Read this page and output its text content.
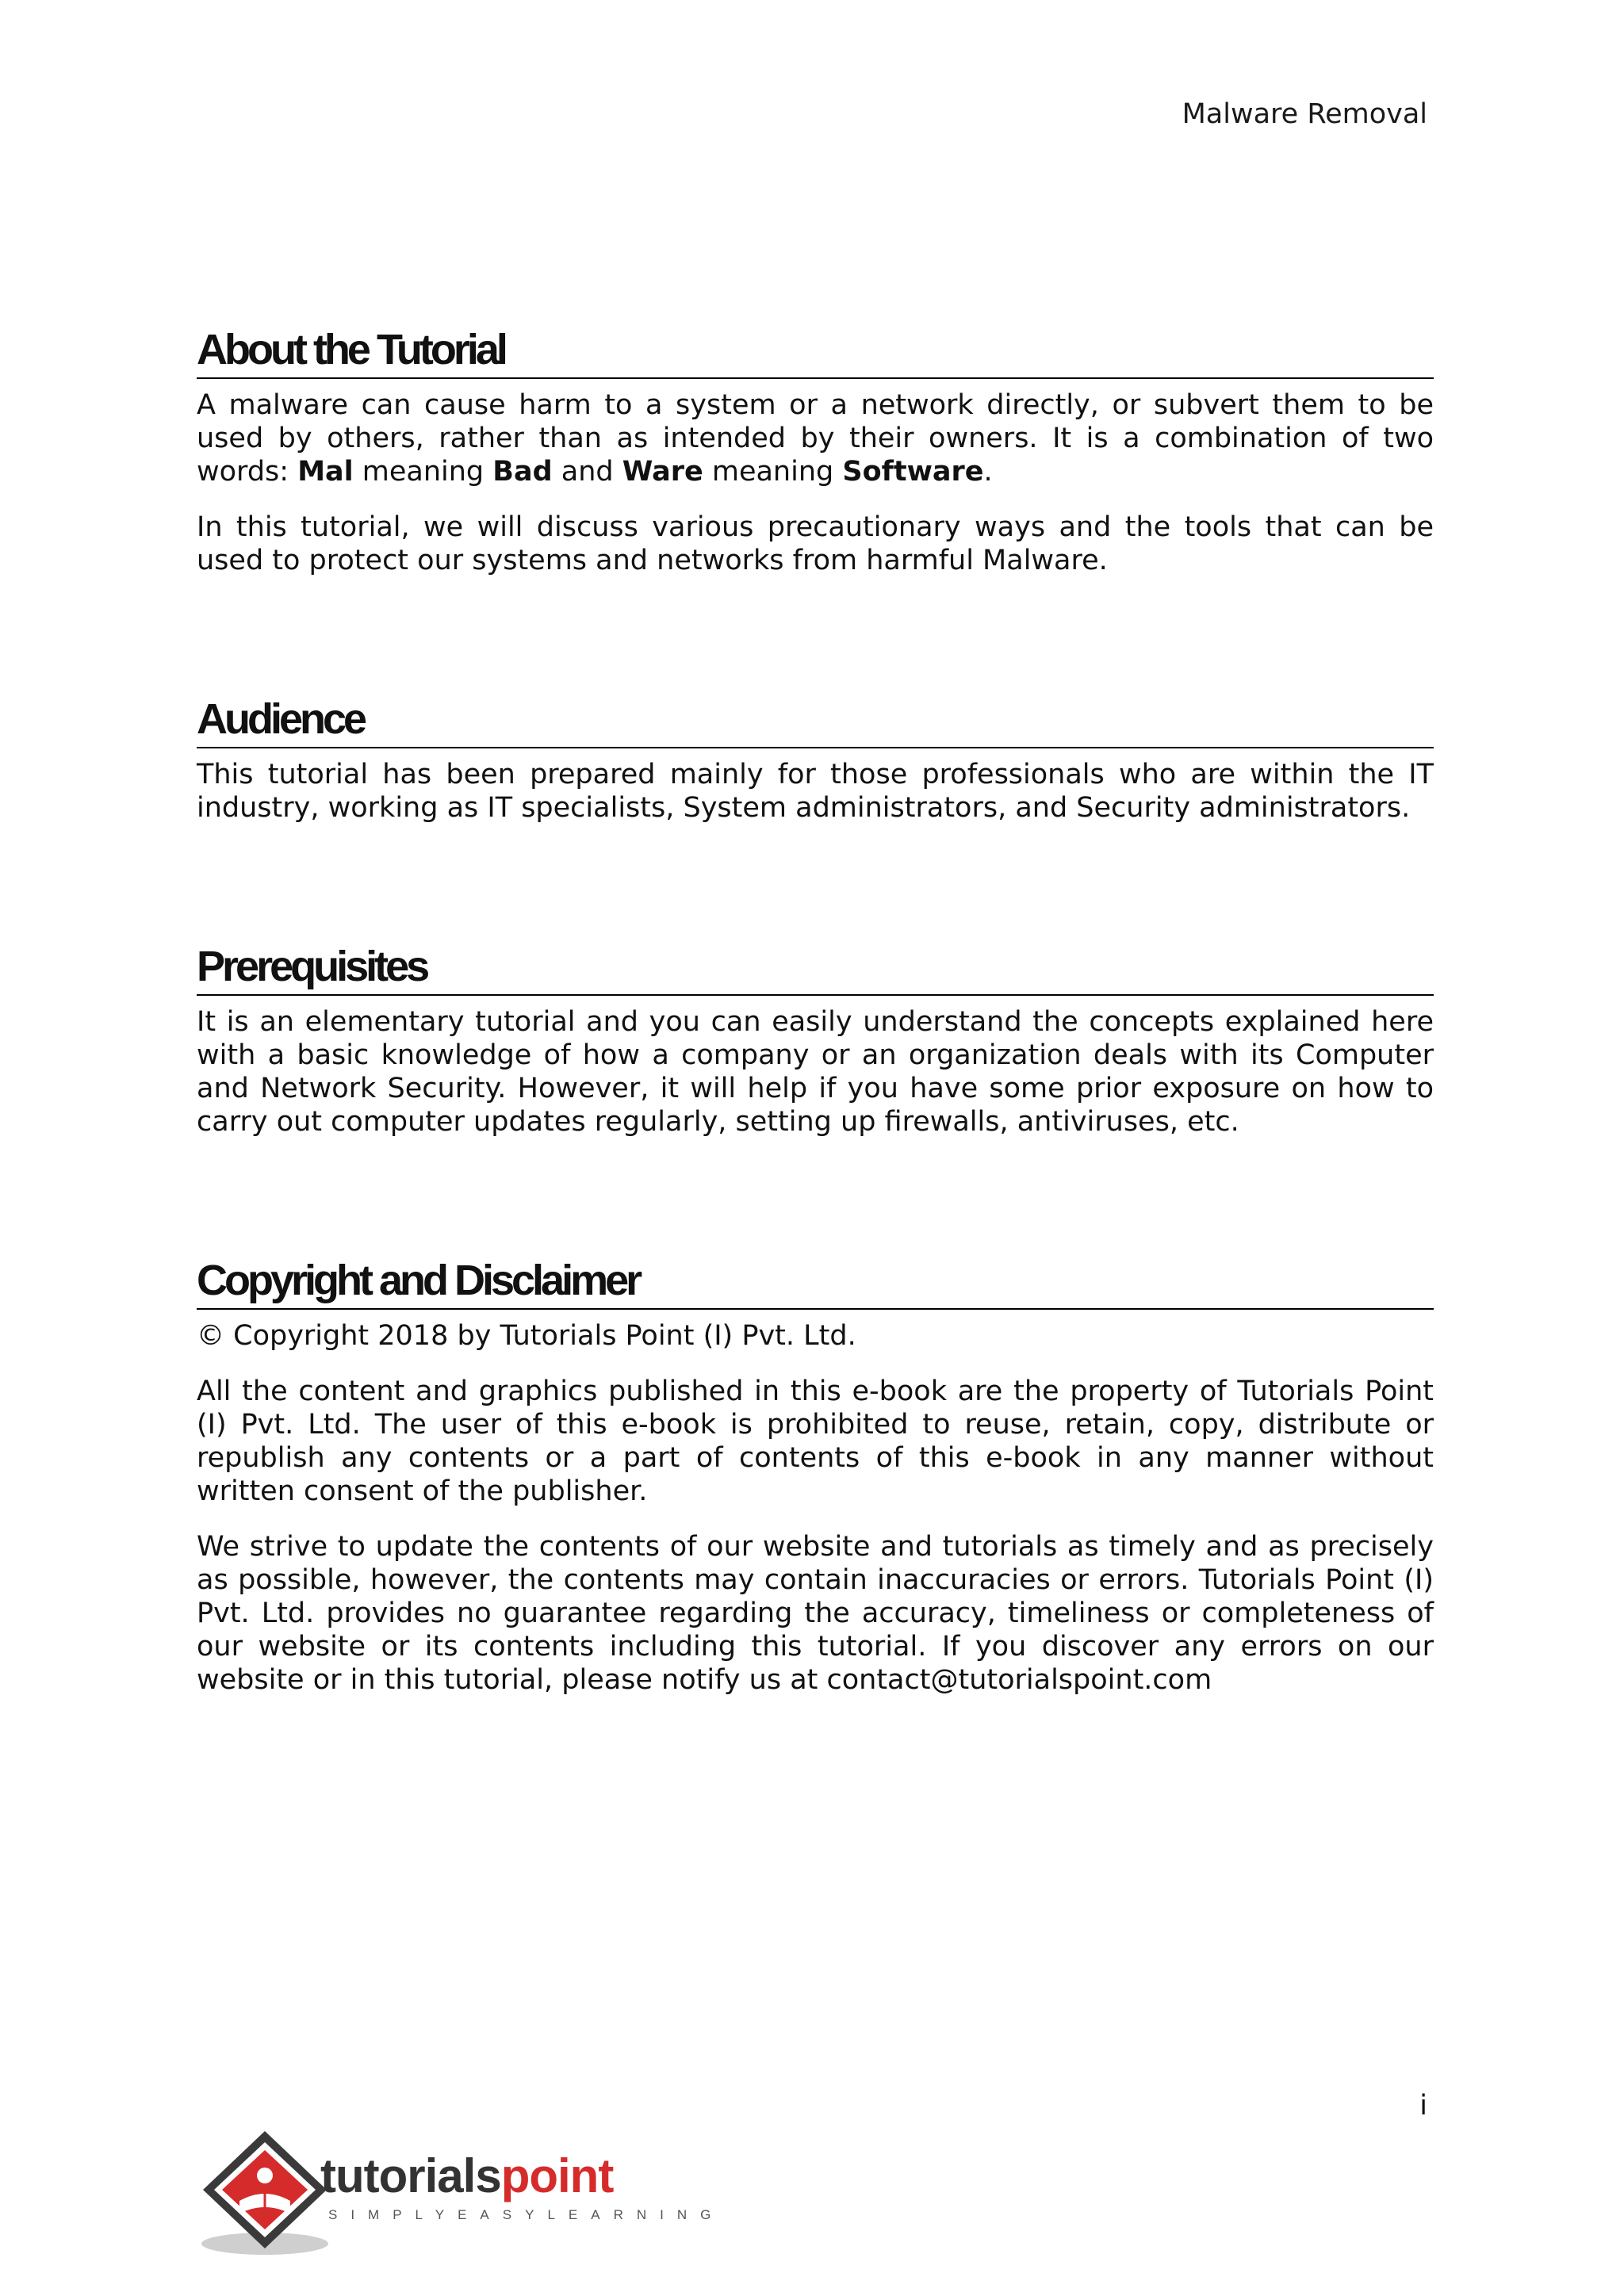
Malware Removal
About the Tutorial

A malware can cause harm to a system or a network directly, or subvert them to be used by others, rather than as intended by their owners. It is a combination of two words: Mal meaning Bad and Ware meaning Software.

In this tutorial, we will discuss various precautionary ways and the tools that can be used to protect our systems and networks from harmful Malware.

Audience

This tutorial has been prepared mainly for those professionals who are within the IT industry, working as IT specialists, System administrators, and Security administrators.

Prerequisites

It is an elementary tutorial and you can easily understand the concepts explained here with a basic knowledge of how a company or an organization deals with its Computer and Network Security. However, it will help if you have some prior exposure on how to carry out computer updates regularly, setting up firewalls, antiviruses, etc.

Copyright and Disclaimer

© Copyright 2018 by Tutorials Point (I) Pvt. Ltd.

All the content and graphics published in this e-book are the property of Tutorials Point (I) Pvt. Ltd. The user of this e-book is prohibited to reuse, retain, copy, distribute or republish any contents or a part of contents of this e-book in any manner without written consent of the publisher.

We strive to update the contents of our website and tutorials as timely and as precisely as possible, however, the contents may contain inaccuracies or errors. Tutorials Point (I) Pvt. Ltd. provides no guarantee regarding the accuracy, timeliness or completeness of our website or its contents including this tutorial. If you discover any errors on our website or in this tutorial, please notify us at contact@tutorialspoint.com

i
tutorialspoint
SIMPLYEASYLEARNING
